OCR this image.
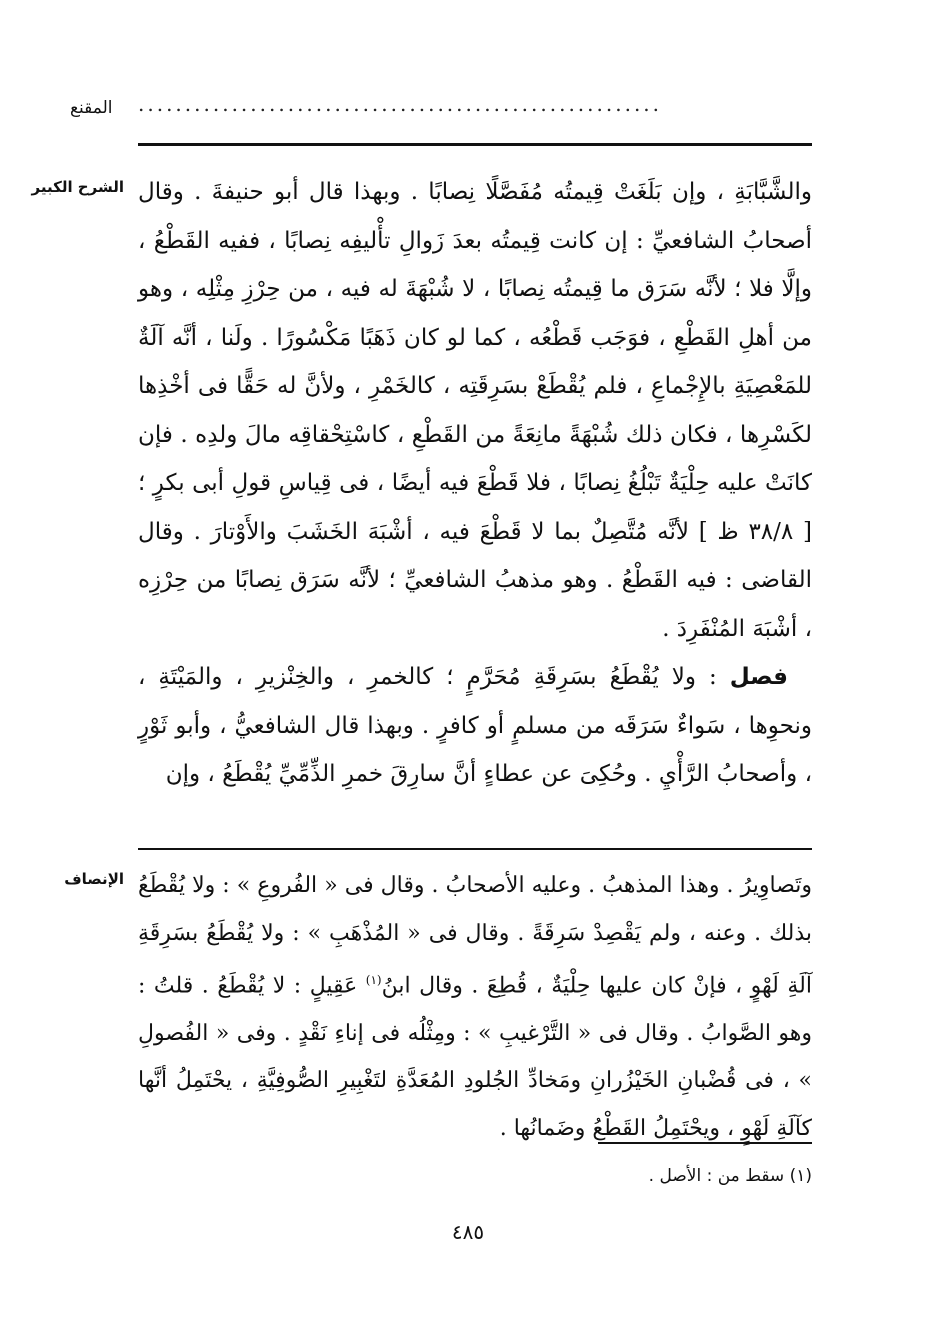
........................................................
المقنع
الشرح الكبير والشَّبَّابَةِ ، وإن بَلَغَتْ قِيمتُه مُفَصَّلًا نِصابًا . وبهذا قال أبو حنيفةَ . وقال أصحابُ الشافعيِّ : إن كانت قِيمتُه بعدَ زَوالِ تأْليفِه نِصابًا ، ففيه القَطْعُ ، وإلَّا فلا ؛ لأنَّه سَرَق ما قِيمتُه نِصابًا ، لا شُبْهَةَ له فيه ، من حِرْزِ مِثْلِه ، وهو من أهلِ القَطْعِ ، فوَجَب قَطْعُه ، كما لو كان ذَهَبًا مَكْسُورًا . ولَنا ، أنَّه آلَةٌ للمَعْصِيَةِ بالإِجْماعِ ، فلم يُقْطَعْ بسَرِقَتِه ، كالخَمْرِ ، ولأنَّ له حَقًّا فى أخْذِها لكَسْرِها ، فكان ذلك شُبْهَةً مانِعَةً من القَطْعِ ، كاسْتِحْقاقِه مالَ ولدِه . فإن كانَتْ عليه حِلْيَةٌ تَبْلُغُ نِصابًا ، فلا قَطْعَ فيه أيضًا ، فى قِياسِ قولِ أبى بكرٍ ؛ [ ٣٨/٨ ظ ] لأنَّه مُتَّصِلٌ بما لا قَطْعَ فيه ، أشْبَهَ الخَشَبَ والأَوْتارَ . وقال القاضى : فيه القَطْعُ . وهو مذهبُ الشافعيِّ ؛ لأنَّه سَرَق نِصابًا من حِرْزِه ، أشْبَهَ المُنْفَرِدَ .

فصل : ولا يُقْطَعُ بسَرِقَةِ مُحَرَّمٍ ؛ كالخمرِ ، والخِنْزيرِ ، والمَيْتَةِ ، ونحوِها ، سَواءٌ سَرَقَه من مسلمٍ أو كافرٍ . وبهذا قال الشافعيُّ ، وأبو ثَوْرٍ ، وأصحابُ الرَّأْيِ . وحُكِىَ عن عطاءٍ أنَّ سارِقَ خمرِ الذِّمِّيِّ يُقْطَعُ ، وإن

الإنصاف وتَصاوِيرُ . وهذا المذهبُ . وعليه الأصحابُ . وقال فى « الفُروعِ » : ولا يُقْطَعُ بذلك . وعنه ، ولم يَقْصِدْ سَرِقَةً . وقال فى « المُذْهَبِ » : ولا يُقْطَعُ بسَرِقَةِ آلَةِ لَهْوٍ ، فإنْ كان عليها حِلْيَةٌ ، قُطِعَ . وقال ابنُ$^{(١)}$ عَقِيلٍ : لا يُقْطَعُ . قلتُ : وهو الصَّوابُ . وقال فى « التَّرْغيبِ » : ومِثْلُه فى إناءِ نَقْدٍ . وفى « الفُصولِ » ، فى قُضْبانِ الخَيْزُرانِ ومَخادِّ الجُلودِ المُعَدَّةِ لتَغْبِيرِ الصُّوفِيَّةِ ، يحْتَمِلُ أنَّها كآلَةِ لَهْوٍ ، ويحْتَمِلُ القَطْعُ وضَمانُها .

(١) سقط من : الأصل .
٤٨٥
